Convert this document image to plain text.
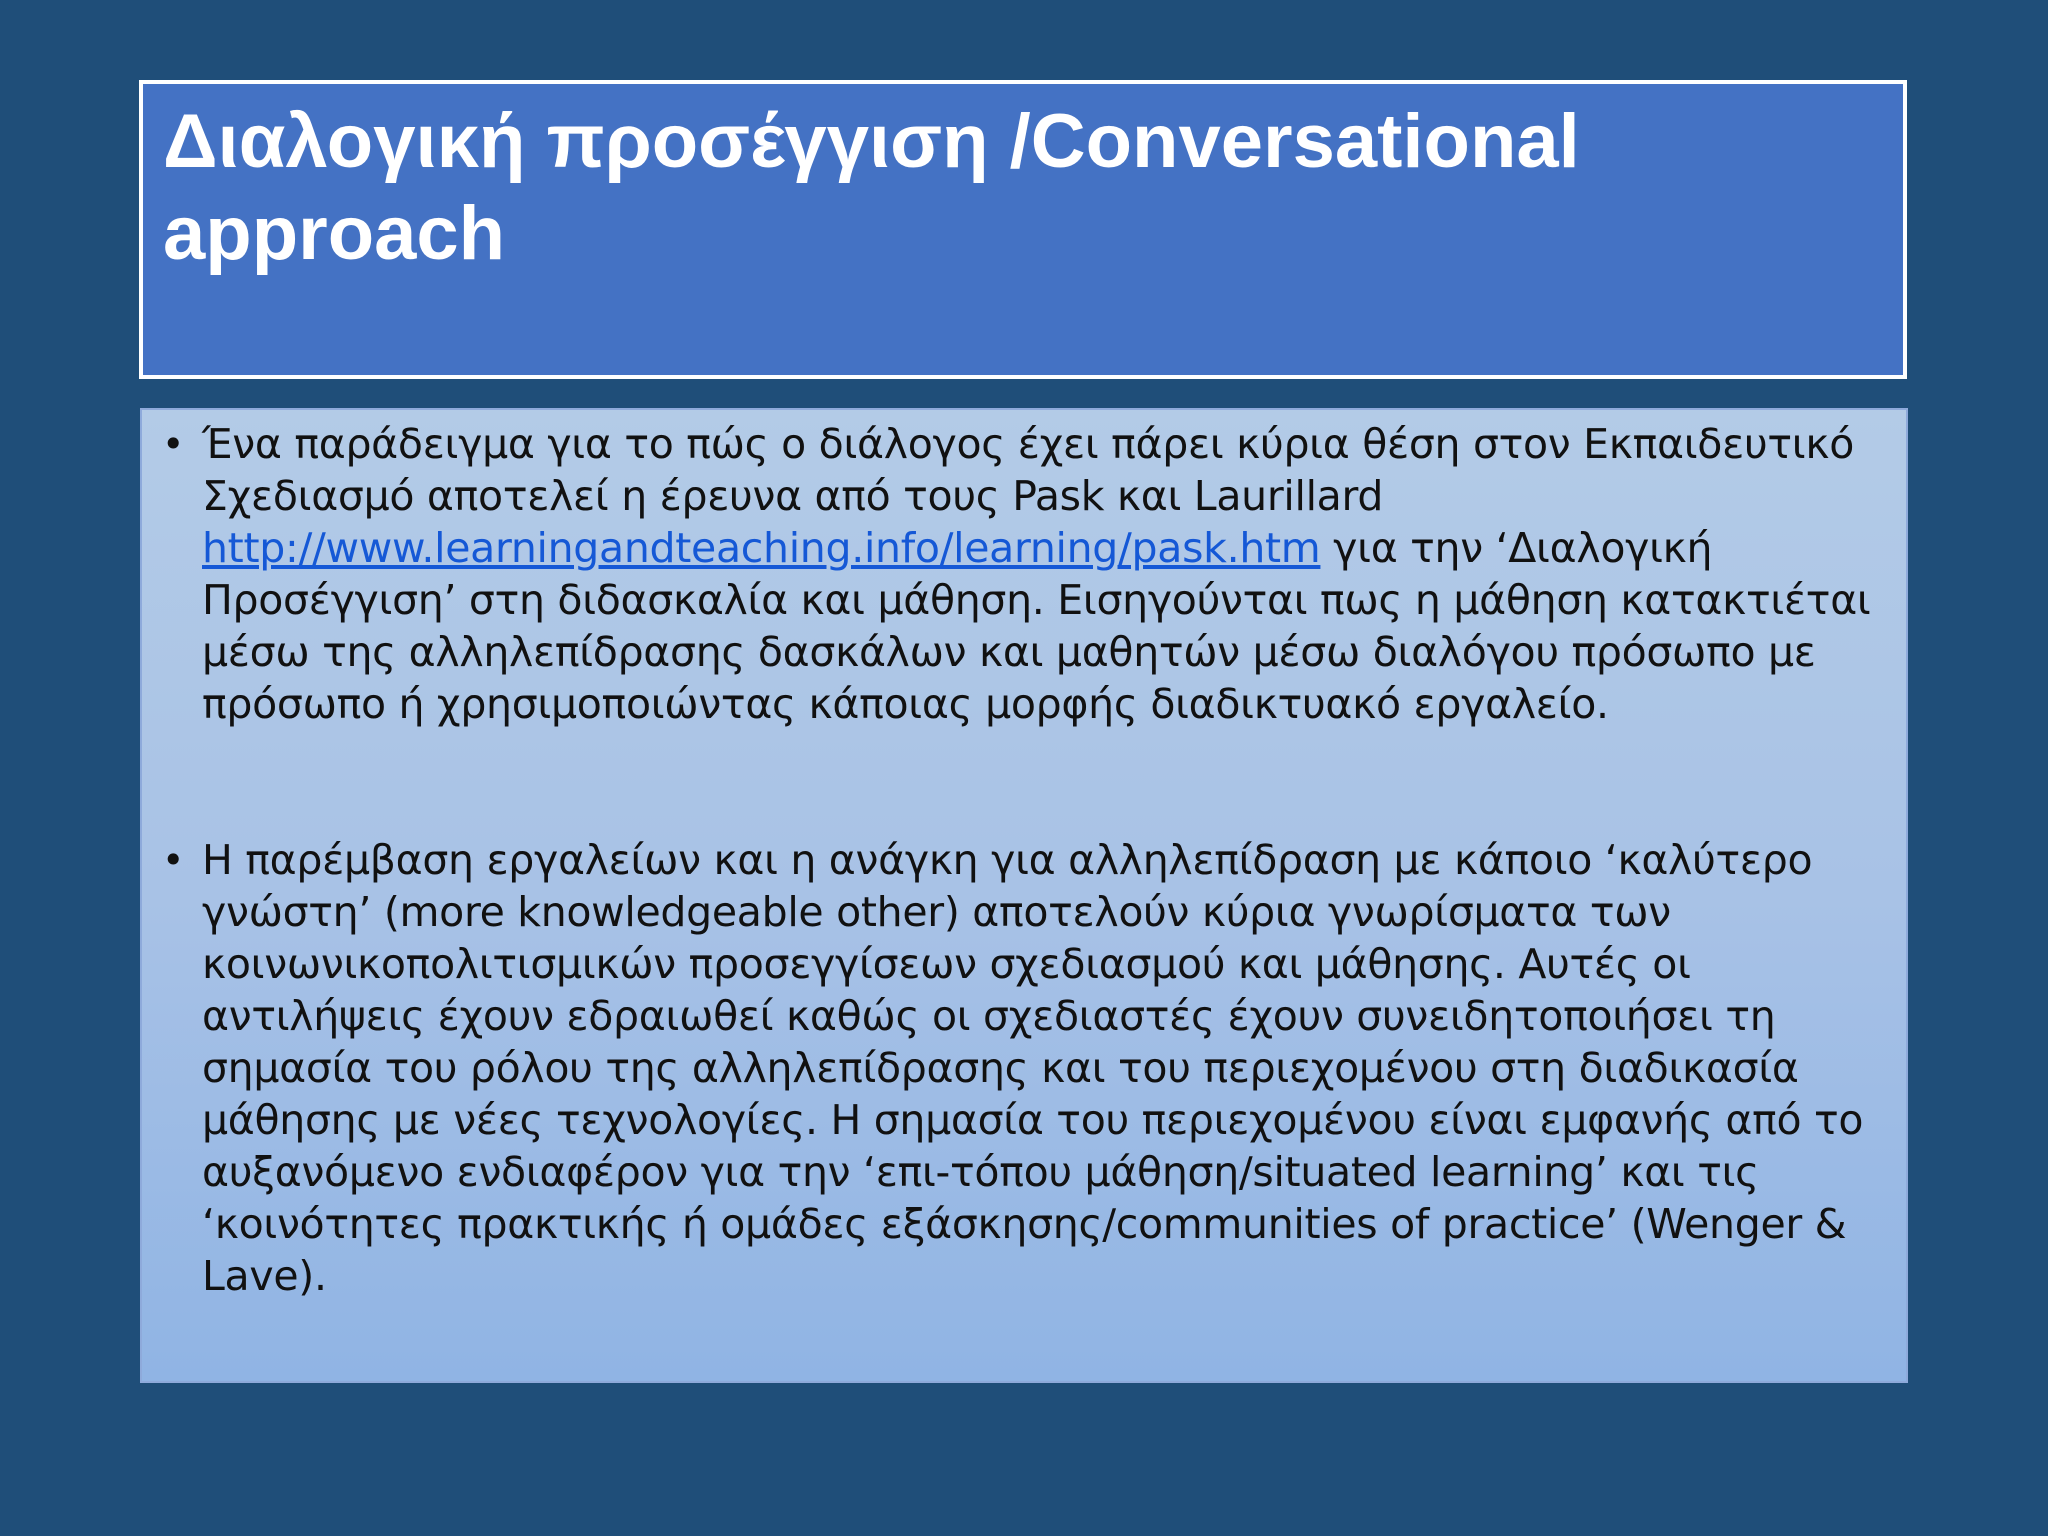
Διαλογική προσέγγιση /Conversational approach
• Ένα παράδειγμα για το πώς ο διάλογος έχει πάρει κύρια θέση στον Εκπαιδευτικό Σχεδιασμό αποτελεί η έρευνα από τους Pask και Laurillard http://www.learningandteaching.info/learning/pask.htm για την ‘Διαλογική Προσέγγιση’ στη διδασκαλία και μάθηση. Εισηγούνται πως η μάθηση κατακτιέται μέσω της αλληλεπίδρασης δασκάλων και μαθητών μέσω διαλόγου πρόσωπο με πρόσωπο ή χρησιμοποιώντας κάποιας μορφής διαδικτυακό εργαλείο.
• Η παρέμβαση εργαλείων και η ανάγκη για αλληλεπίδραση με κάποιο ‘καλύτερο γνώστη’ (more knowledgeable other) αποτελούν κύρια γνωρίσματα των κοινωνικοπολιτισμικών προσεγγίσεων σχεδιασμού και μάθησης. Αυτές οι αντιλήψεις έχουν εδραιωθεί καθώς οι σχεδιαστές έχουν συνειδητοποιήσει τη σημασία του ρόλου της αλληλεπίδρασης και του περιεχομένου στη διαδικασία μάθησης με νέες τεχνολογίες. Η σημασία του περιεχομένου είναι εμφανής από το αυξανόμενο ενδιαφέρον για την ‘επι-τόπου μάθηση/situated learning’ και τις ‘κοινότητες πρακτικής ή ομάδες εξάσκησης/communities of practice’ (Wenger & Lave).
